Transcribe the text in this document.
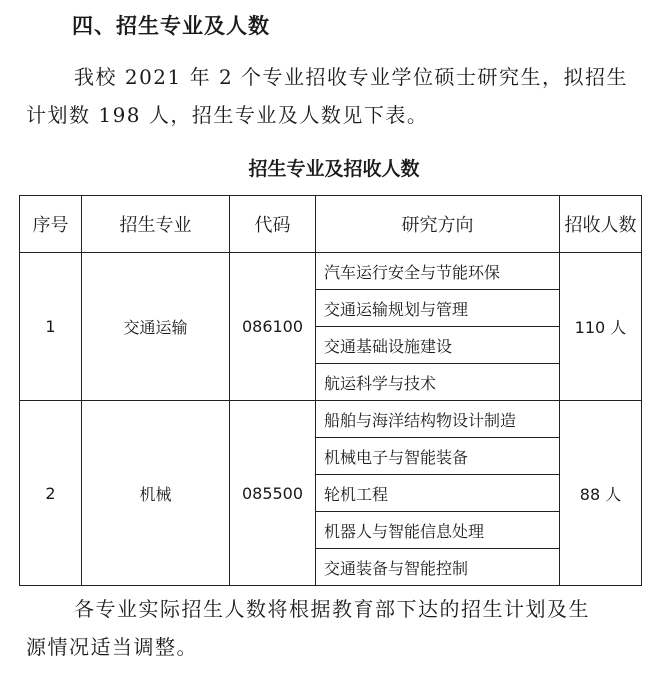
四、招生专业及人数

我校 2021 年 2 个专业招收专业学位硕士研究生，拟招生
计划数 198 人，招生专业及人数见下表。

招生专业及招收人数
序号	招生专业	代码	研究方向	招收人数
1	交通运输	086100	汽车运行安全与节能环保	110 人
			交通运输规划与管理	
			交通基础设施建设	
			航运科学与技术	
2	机械	085500	船舶与海洋结构物设计制造	88 人
			机械电子与智能装备	
			轮机工程	
			机器人与智能信息处理	
			交通装备与智能控制	

各专业实际招生人数将根据教育部下达的招生计划及生
源情况适当调整。
